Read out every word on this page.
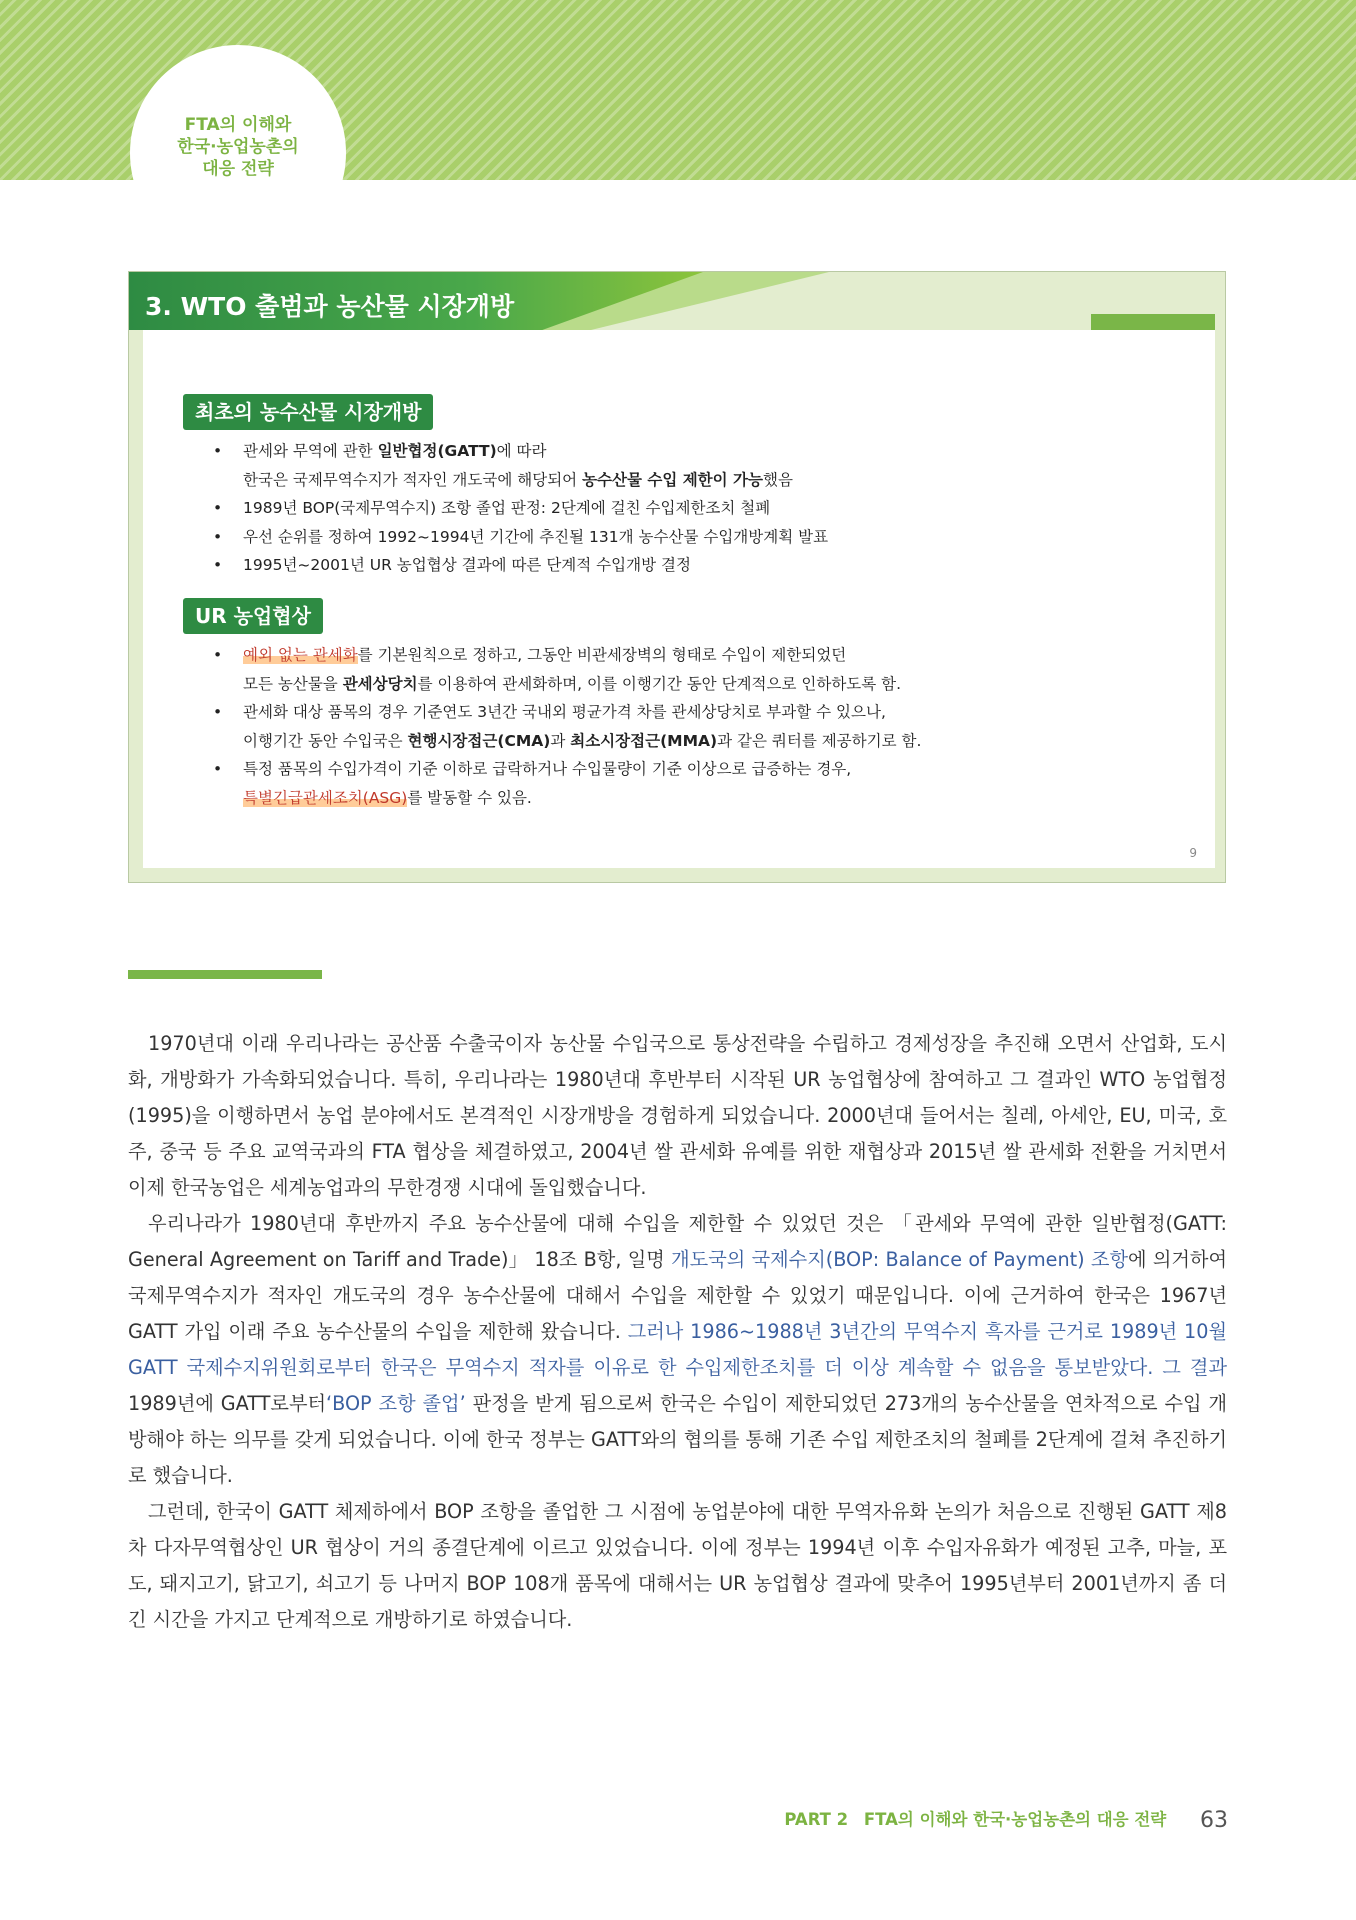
FTA의 이해와
한국·농업농촌의
대응 전략
3. WTO 출범과 농산물 시장개방
최초의 농수산물 시장개방
• 관세와 무역에 관한 일반협정(GATT)에 따라
한국은 국제무역수지가 적자인 개도국에 해당되어 농수산물 수입 제한이 가능했음
• 1989년 BOP(국제무역수지) 조항 졸업 판정: 2단계에 걸친 수입제한조치 철폐
• 우선 순위를 정하여 1992~1994년 기간에 추진될 131개 농수산물 수입개방계획 발표
• 1995년~2001년 UR 농업협상 결과에 따른 단계적 수입개방 결정
UR 농업협상
• 예외 없는 관세화를 기본원칙으로 정하고, 그동안 비관세장벽의 형태로 수입이 제한되었던
모든 농산물을 관세상당치를 이용하여 관세화하며, 이를 이행기간 동안 단계적으로 인하하도록 함.
• 관세화 대상 품목의 경우 기준연도 3년간 국내외 평균가격 차를 관세상당치로 부과할 수 있으나,
이행기간 동안 수입국은 현행시장접근(CMA)과 최소시장접근(MMA)과 같은 쿼터를 제공하기로 함.
• 특정 품목의 수입가격이 기준 이하로 급락하거나 수입물량이 기준 이상으로 급증하는 경우,
특별긴급관세조치(ASG)를 발동할 수 있음.
9

1970년대 이래 우리나라는 공산품 수출국이자 농산물 수입국으로 통상전략을 수립하고 경제성장을 추진해 오면서 산업화, 도시화, 개방화가 가속화되었습니다. 특히, 우리나라는 1980년대 후반부터 시작된 UR 농업협상에 참여하고 그 결과인 WTO 농업협정(1995)을 이행하면서 농업 분야에서도 본격적인 시장개방을 경험하게 되었습니다. 2000년대 들어서는 칠레, 아세안, EU, 미국, 호주, 중국 등 주요 교역국과의 FTA 협상을 체결하였고, 2004년 쌀 관세화 유예를 위한 재협상과 2015년 쌀 관세화 전환을 거치면서 이제 한국농업은 세계농업과의 무한경쟁 시대에 돌입했습니다.

우리나라가 1980년대 후반까지 주요 농수산물에 대해 수입을 제한할 수 있었던 것은 「관세와 무역에 관한 일반협정(GATT: General Agreement on Tariff and Trade)」 18조 B항, 일명 개도국의 국제수지(BOP: Balance of Payment) 조항에 의거하여 국제무역수지가 적자인 개도국의 경우 농수산물에 대해서 수입을 제한할 수 있었기 때문입니다. 이에 근거하여 한국은 1967년 GATT 가입 이래 주요 농수산물의 수입을 제한해 왔습니다. 그러나 1986~1988년 3년간의 무역수지 흑자를 근거로 1989년 10월 GATT 국제수지위원회로부터 한국은 무역수지 적자를 이유로 한 수입제한조치를 더 이상 계속할 수 없음을 통보받았다. 그 결과 1989년에 GATT로부터‘BOP 조항 졸업’ 판정을 받게 됨으로써 한국은 수입이 제한되었던 273개의 농수산물을 연차적으로 수입 개방해야 하는 의무를 갖게 되었습니다. 이에 한국 정부는 GATT와의 협의를 통해 기존 수입 제한조치의 철폐를 2단계에 걸쳐 추진하기로 했습니다.

그런데, 한국이 GATT 체제하에서 BOP 조항을 졸업한 그 시점에 농업분야에 대한 무역자유화 논의가 처음으로 진행된 GATT 제8차 다자무역협상인 UR 협상이 거의 종결단계에 이르고 있었습니다. 이에 정부는 1994년 이후 수입자유화가 예정된 고추, 마늘, 포도, 돼지고기, 닭고기, 쇠고기 등 나머지 BOP 108개 품목에 대해서는 UR 농업협상 결과에 맞추어 1995년부터 2001년까지 좀 더 긴 시간을 가지고 단계적으로 개방하기로 하였습니다.

PART 2 FTA의 이해와 한국·농업농촌의 대응 전략 63
